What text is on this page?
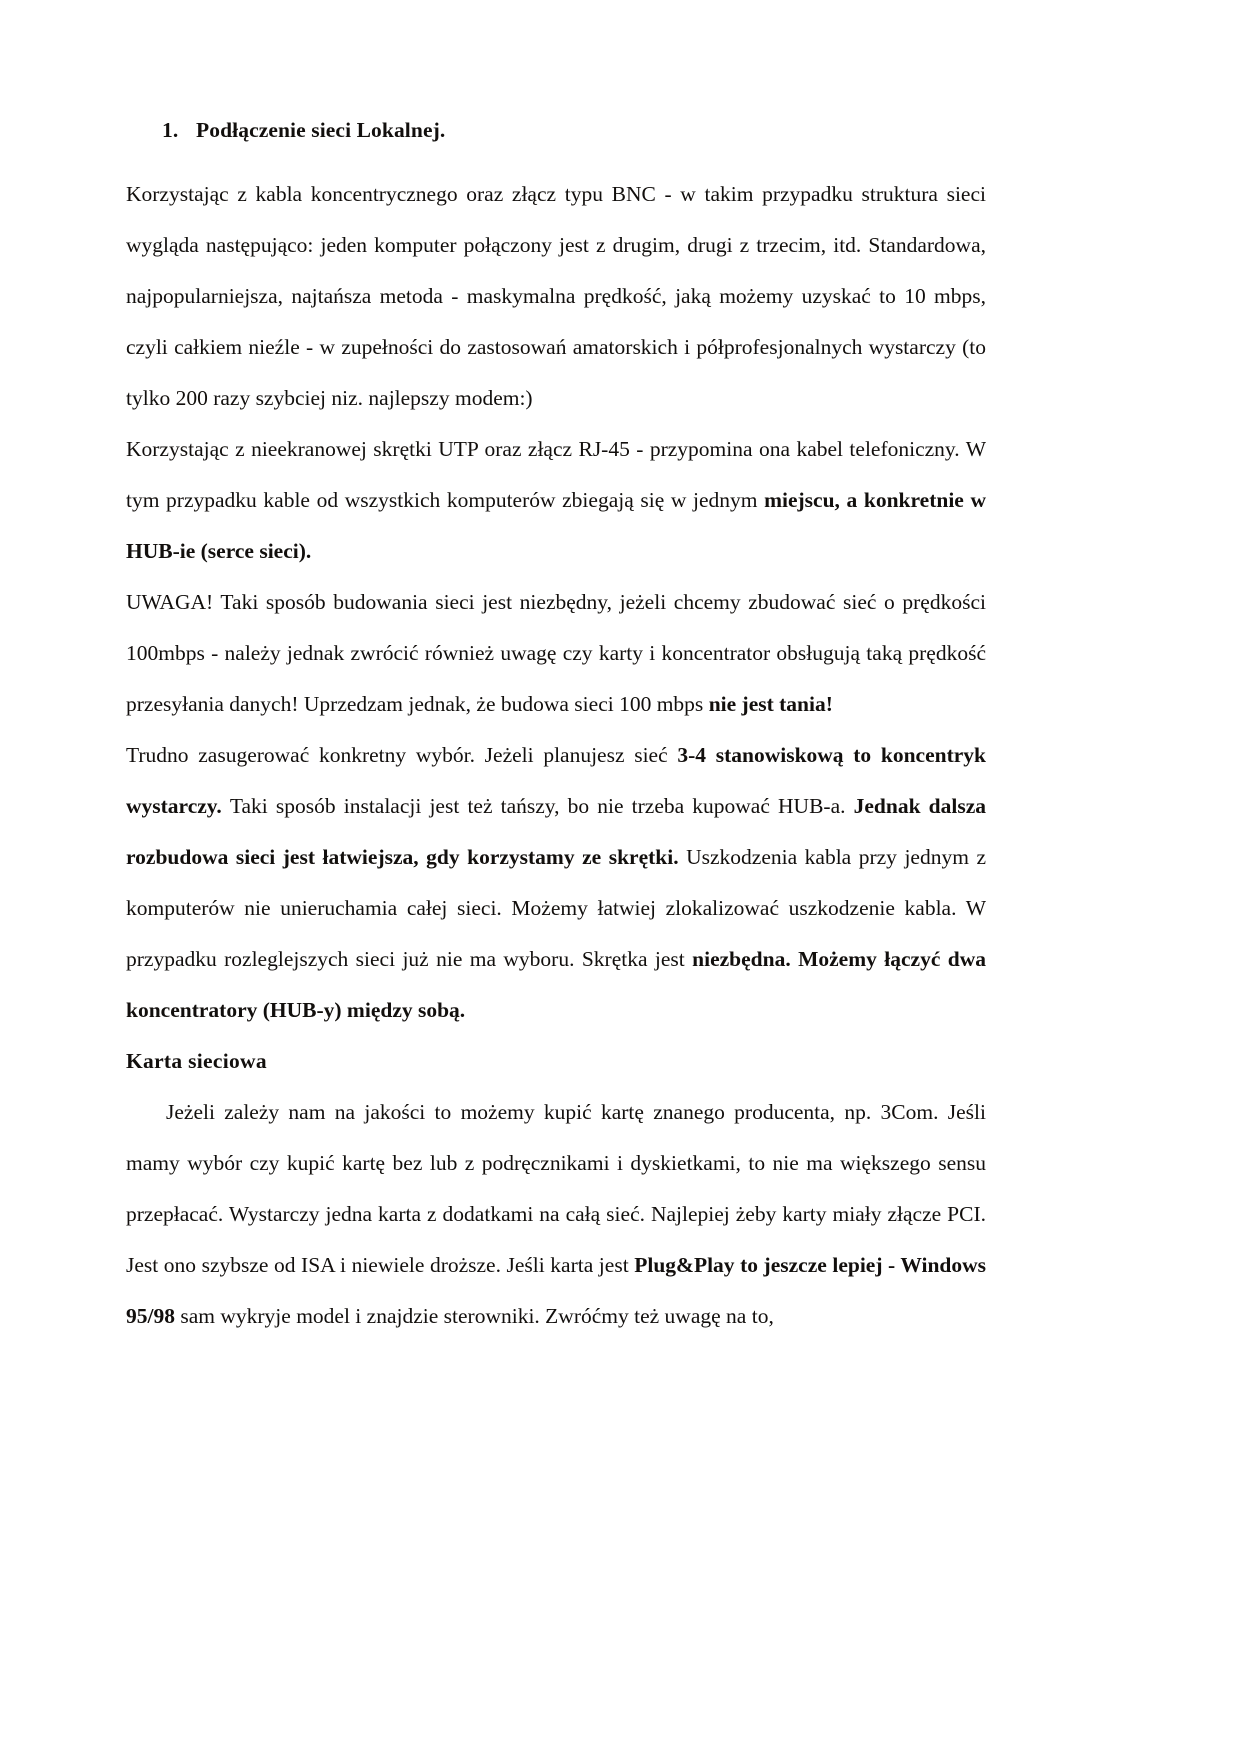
1. Podłączenie sieci Lokalnej.

Korzystając z kabla koncentrycznego oraz złącz typu BNC - w takim przypadku struktura sieci wygląda następująco: jeden komputer połączony jest z drugim, drugi z trzecim, itd. Standardowa, najpopularniejsza, najtańsza metoda - maskymalna prędkość, jaką możemy uzyskać to 10 mbps, czyli całkiem nieźle - w zupełności do zastosowań amatorskich i półprofesjonalnych wystarczy (to tylko 200 razy szybciej niz. najlepszy modem:)

Korzystając z nieekranowej skrętki UTP oraz złącz RJ-45 - przypomina ona kabel telefoniczny. W tym przypadku kable od wszystkich komputerów zbiegają się w jednym miejscu, a konkretnie w HUB-ie (serce sieci).

UWAGA! Taki sposób budowania sieci jest niezbędny, jeżeli chcemy zbudować sieć o prędkości 100mbps - należy jednak zwrócić również uwagę czy karty i koncentrator obsługują taką prędkość przesyłania danych! Uprzedzam jednak, że budowa sieci 100 mbps nie jest tania!

Trudno zasugerować konkretny wybór. Jeżeli planujesz sieć 3-4 stanowiskową to koncentryk wystarczy. Taki sposób instalacji jest też tańszy, bo nie trzeba kupować HUB-a. Jednak dalsza rozbudowa sieci jest łatwiejsza, gdy korzystamy ze skrętki. Uszkodzenia kabla przy jednym z komputerów nie unieruchamia całej sieci. Możemy łatwiej zlokalizować uszkodzenie kabla. W przypadku rozleglejszych sieci już nie ma wyboru. Skrętka jest niezbędna. Możemy łączyć dwa koncentratory (HUB-y) między sobą.

Karta sieciowa

Jeżeli zależy nam na jakości to możemy kupić kartę znanego producenta, np. 3Com. Jeśli mamy wybór czy kupić kartę bez lub z podręcznikami i dyskietkami, to nie ma większego sensu przepłacać. Wystarczy jedna karta z dodatkami na całą sieć. Najlepiej żeby karty miały złącze PCI. Jest ono szybsze od ISA i niewiele droższe. Jeśli karta jest Plug&Play to jeszcze lepiej - Windows 95/98 sam wykryje model i znajdzie sterowniki. Zwróćmy też uwagę na to,
